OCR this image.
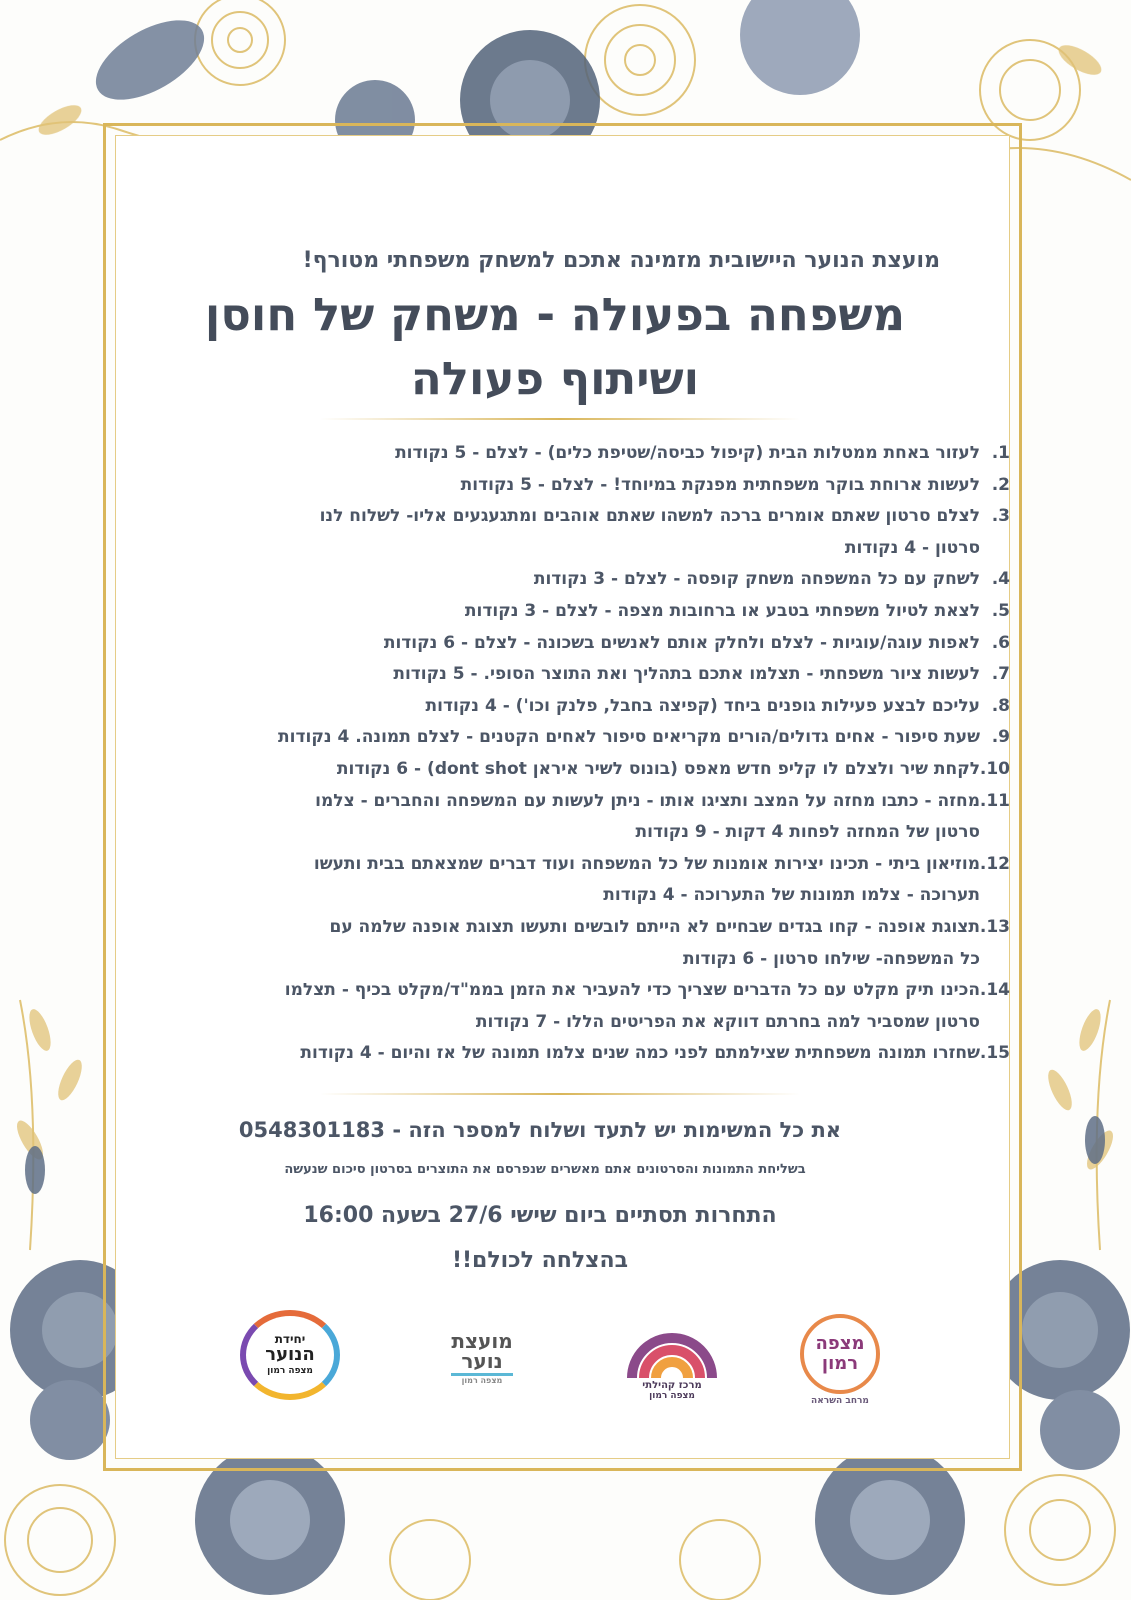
מועצת הנוער היישובית מזמינה אתכם למשחק משפחתי מטורף!
משפחה בפעולה - משחק של חוסן
ושיתוף פעולה
1.
לעזור באחת ממטלות הבית (קיפול כביסה/שטיפת כלים) - לצלם - 5 נקודות
2.
לעשות ארוחת בוקר משפחתית מפנקת במיוחד! - לצלם - 5 נקודות
3.
לצלם סרטון שאתם אומרים ברכה למשהו שאתם אוהבים ומתגעגעים אליו- לשלוח לנו
סרטון - 4 נקודות
4.
לשחק עם כל המשפחה משחק קופסה - לצלם - 3 נקודות
5.
לצאת לטיול משפחתי בטבע או ברחובות מצפה - לצלם - 3 נקודות
6.
לאפות עוגה/עוגיות - לצלם ולחלק אותם לאנשים בשכונה - לצלם - 6 נקודות
7.
לעשות ציור משפחתי - תצלמו אתכם בתהליך ואת התוצר הסופי. - 5 נקודות
8.
עליכם לבצע פעילות גופנים ביחד (קפיצה בחבל, פלנק וכו') - 4 נקודות
9.
שעת סיפור - אחים גדולים/הורים מקריאים סיפור לאחים הקטנים - לצלם תמונה. 4 נקודות
10.
לקחת שיר ולצלם לו קליפ חדש מאפס (בונוס לשיר איראן dont shot) - 6 נקודות
11.
מחזה - כתבו מחזה על המצב ותציגו אותו - ניתן לעשות עם המשפחה והחברים - צלמו
סרטון של המחזה לפחות 4 דקות - 9 נקודות
12.
מוזיאון ביתי - תכינו יצירות אומנות של כל המשפחה ועוד דברים שמצאתם בבית ותעשו
תערוכה - צלמו תמונות של התערוכה - 4 נקודות
13.
תצוגת אופנה - קחו בגדים שבחיים לא הייתם לובשים ותעשו תצוגת אופנה שלמה עם
כל המשפחה- שילחו סרטון - 6 נקודות
14.
הכינו תיק מקלט עם כל הדברים שצריך כדי להעביר את הזמן בממ"ד/מקלט בכיף - תצלמו
סרטון שמסביר למה בחרתם דווקא את הפריטים הללו - 7 נקודות
15.
שחזרו תמונה משפחתית שצילמתם לפני כמה שנים צלמו תמונה של אז והיום - 4 נקודות
את כל המשימות יש לתעד ושלוח למספר הזה - 0548301183
בשליחת התמונות והסרטונים אתם מאשרים שנפרסם את התוצרים בסרטון סיכום שנעשה
התחרות תסתיים ביום שישי 27/6 בשעה 16:00
בהצלחה לכולם!!
מצפה
רמון
מרחב השראה
מרכז קהילתי
מצפה רמון
מועצת
נוער
מצפה רמון
יחידת
הנוער
מצפה רמון
